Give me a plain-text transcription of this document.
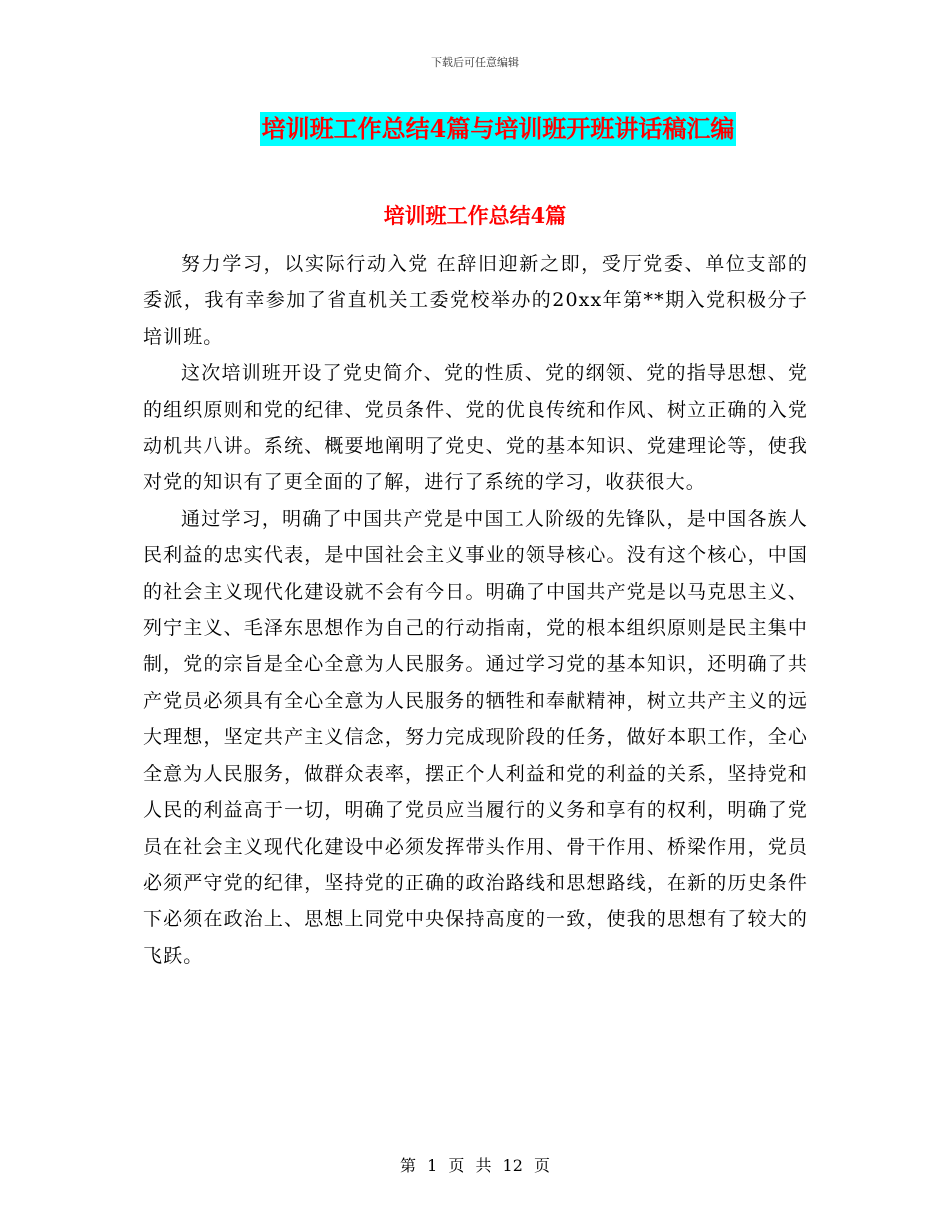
下载后可任意编辑
培训班工作总结4篇与培训班开班讲话稿汇编
培训班工作总结4篇

努力学习，以实际行动入党 在辞旧迎新之即，受厅党委、单位支部的委派，我有幸参加了省直机关工委党校举办的20xx年第**期入党积极分子培训班。

这次培训班开设了党史简介、党的性质、党的纲领、党的指导思想、党的组织原则和党的纪律、党员条件、党的优良传统和作风、树立正确的入党动机共八讲。系统、概要地阐明了党史、党的基本知识、党建理论等，使我对党的知识有了更全面的了解，进行了系统的学习，收获很大。

通过学习，明确了中国共产党是中国工人阶级的先锋队，是中国各族人民利益的忠实代表，是中国社会主义事业的领导核心。没有这个核心，中国的社会主义现代化建设就不会有今日。明确了中国共产党是以马克思主义、列宁主义、毛泽东思想作为自己的行动指南，党的根本组织原则是民主集中制，党的宗旨是全心全意为人民服务。通过学习党的基本知识，还明确了共产党员必须具有全心全意为人民服务的牺牲和奉献精神，树立共产主义的远大理想，坚定共产主义信念，努力完成现阶段的任务，做好本职工作，全心全意为人民服务，做群众表率，摆正个人利益和党的利益的关系，坚持党和人民的利益高于一切，明确了党员应当履行的义务和享有的权利，明确了党员在社会主义现代化建设中必须发挥带头作用、骨干作用、桥梁作用，党员必须严守党的纪律，坚持党的正确的政治路线和思想路线，在新的历史条件下必须在政治上、思想上同党中央保持高度的一致，使我的思想有了较大的飞跃。

第 1 页 共 12 页
